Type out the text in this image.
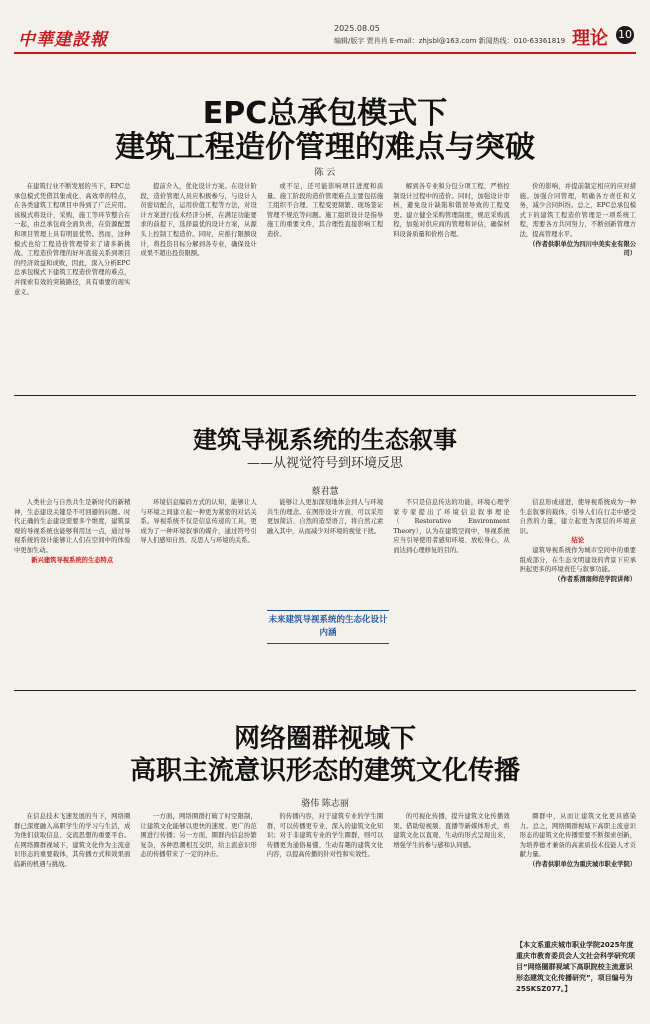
中華建設報
2025.08.05
编辑/版字 贾肖肖 E-mail：zhjsbl@163.com 新闻热线：010-63361819 理论 10
EPC总承包模式下
建筑工程造价管理的难点与突破
陈 云

在建筑行业不断发展的当下，EPC总承包模式凭借其集成化、高效率的特点，在各类建筑工程项目中得到了广泛应用。该模式将设计、采购、施工等环节整合在一起，由总承包商全面负责，在资源配置和项目管理上具有明显优势。然而，这种模式也给工程造价管理带来了诸多新挑战。工程造价管理的好坏直接关系到项目的经济效益和成败，因此，深入分析EPC总承包模式下建筑工程造价管理的难点，并探索有效的突破路径，具有重要的现实意义。

提前介入，优化设计方案。在设计阶段，造价管理人员应积极参与，与设计人员密切配合，运用价值工程等方法，对设计方案进行技术经济分析，在满足功能要求的前提下，选择最优的设计方案，从源头上控制工程造价。同时，应推行限额设计，将投资目标分解到各专业，确保设计成果不超出投资限额。

或不足，还可能影响项目进度和质量。施工阶段的造价管理难点主要包括施工组织不合理、工程变更频繁、现场签证管理不规范等问题。施工组织设计是指导施工的重要文件，其合理性直接影响工程造价。

解到各专业和分包分项工程，严格控制设计过程中的造价。同时，加强设计审核，避免设计缺陷和错误导致的工程变更。建立健全采购管理制度，规范采购流程，加强对供应商的管理和评估，确保材料设备质量和价格合理。

价的影响，并提前制定相应的应对措施。加强合同管理，明确各方责任和义务，减少合同纠纷。总之，EPC总承包模式下的建筑工程造价管理是一项系统工程，需要各方共同努力，不断创新管理方法，提高管理水平。

（作者供职单位为四川中美实业有限公司）

建筑导视系统的生态叙事
——从视觉符号到环境反思
蔡君慧

人类社会与自然共生是新时代的新精神，生态建设关键是不可回避的问题。时代正确的生态建设需要多个维度，建筑景观的导视系统也能够利用这一点，通过导视系统的设计能够让人们在空间中的体验中更加生动。

新兴建筑导视系统的生态特点

环境信息编码方式的认知，能够让人与环境之间建立起一种更为紧密的对话关系。导视系统不仅是信息传递的工具，更成为了一种环境叙事的媒介，通过符号引导人们感知自然、反思人与环境的关系。

能够让人更加深刻地体会到人与环境共生的理念。在图形设计方面，可以采用更加简洁、自然的造型语言，将自然元素融入其中，从而减少对环境的视觉干扰。

不只是信息传达的功能，环境心理学家专家提出了环境信息叙事理论（Restorative Environment Theory），认为在建筑空间中，导视系统应当引导使用者感知环境、放松身心，从而达到心理修复的目的。

信息形成递进，使导视系统成为一种生态叙事的载体，引导人们在行走中感受自然的力量，建立起更为深层的环境意识。

结论

建筑导视系统作为城市空间中的重要组成部分，在生态文明建设的背景下应承担起更多的环境责任与叙事功能。

（作者系渭南师范学院讲师）

未来建筑导视系统的生态化设计内涵
网络圈群视域下
高职主流意识形态的建筑文化传播
骆伟 陈志丽

在信息技术飞速发展的当下，网络圈群已深度融入高职学生的学习与生活，成为他们获取信息、交流思想的重要平台。在网络圈群视域下，建筑文化作为主流意识形态的重要载体，其传播方式和效果面临新的机遇与挑战。

一方面，网络圈群打破了时空限制，让建筑文化能够以更快的速度、更广的范围进行传播；另一方面，圈群内信息纷繁复杂，各种思潮相互交织，给主流意识形态的传播带来了一定的冲击。

的传播内容，对于建筑专业的学生圈群，可以传播更专业、深入的建筑文化知识；对于非建筑专业的学生圈群，则可以传播更为通俗易懂、生动有趣的建筑文化内容，以提高传播的针对性和实效性。

的可视化传播，提升建筑文化传播效果。借助短视频、直播等新媒体形式，将建筑文化以直观、生动的形式呈现出来，增强学生的参与感和认同感。

圈群中，从而让建筑文化更具感染力。总之，网络圈群视域下高职主流意识形态的建筑文化传播需要不断探索创新，为培养德才兼备的高素质技术技能人才贡献力量。

（作者供职单位为重庆城市职业学院）

【本文系重庆城市职业学院2025年度重庆市教育委员会人文社会科学研究项目“网络圈群视域下高职院校主流意识形态建筑文化传播研究”，项目编号为25SKSZ077。】
